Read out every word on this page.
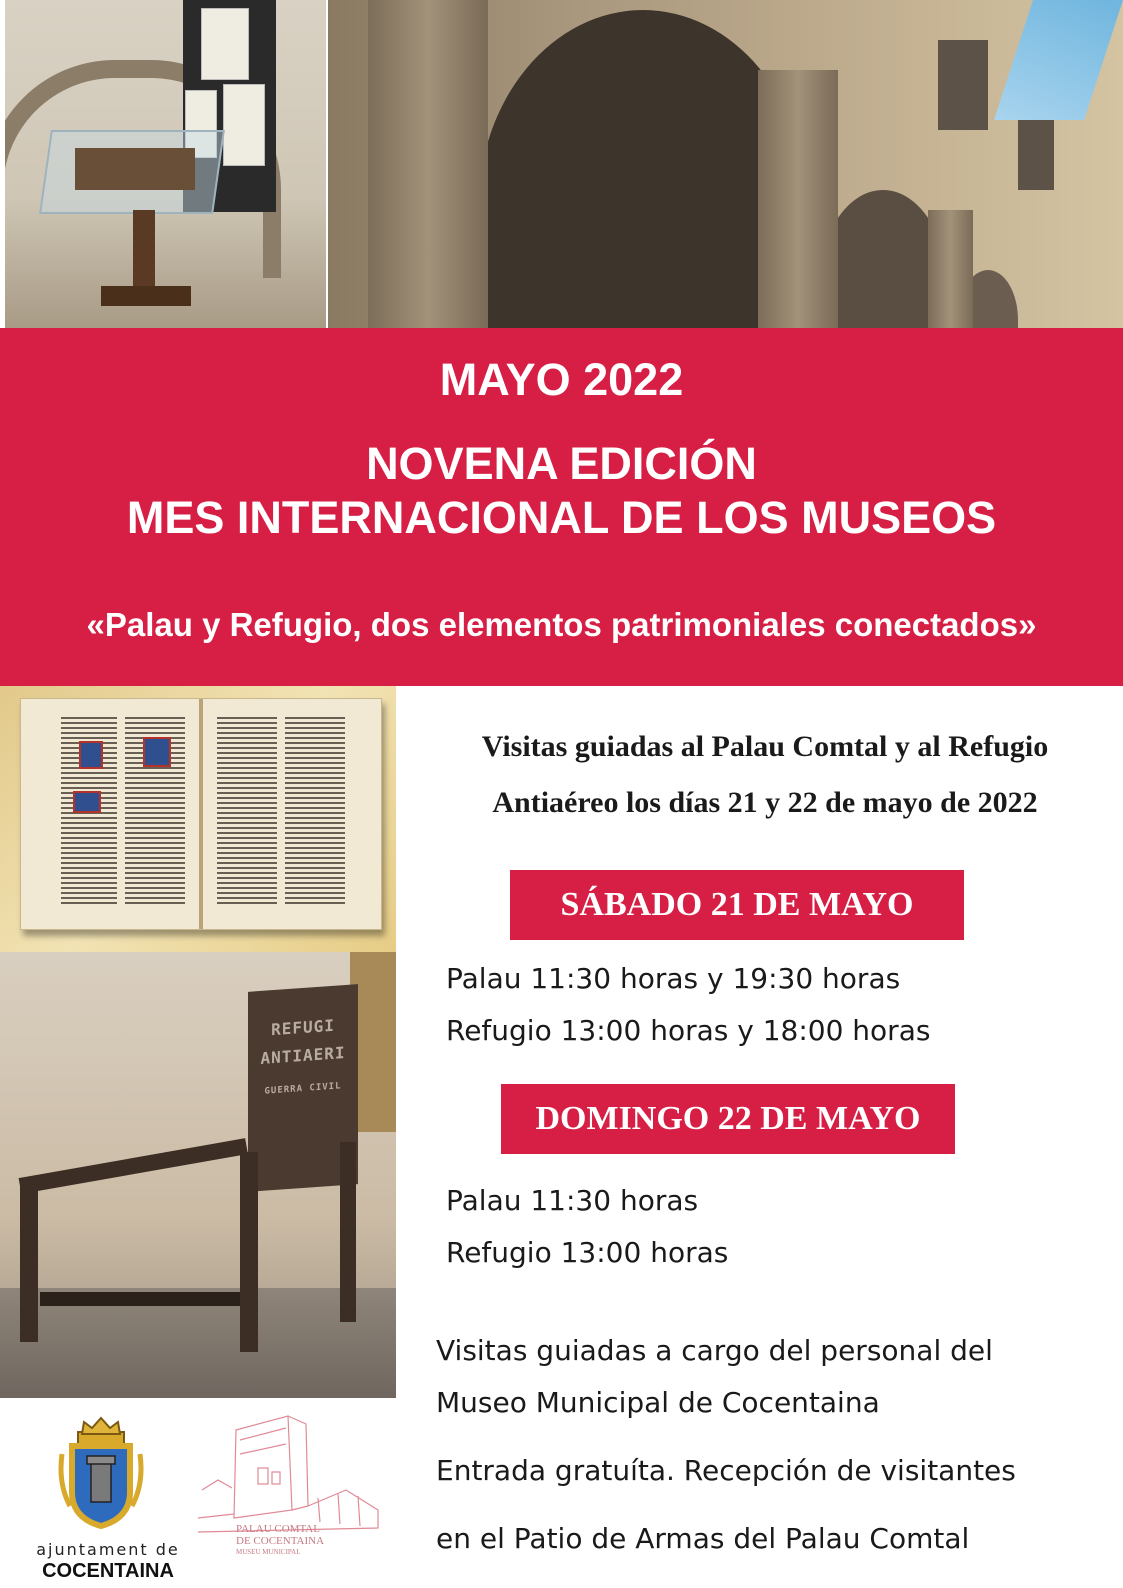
MAYO 2022
NOVENA EDICIÓN
MES INTERNACIONAL DE LOS MUSEOS
«Palau y Refugio, dos elementos patrimoniales conectados»
REFUGI
ANTIAERI
GUERRA CIVIL
ajuntament de
COCENTAINA
PALAU COMTAL
DE COCENTAINA
MUSEU MUNICIPAL
Visitas guiadas al Palau Comtal y al Refugio
Antiaéreo los días 21 y 22 de mayo de 2022
SÁBADO 21 DE MAYO
Palau 11:30 horas y 19:30 horas
Refugio 13:00 horas y 18:00 horas
DOMINGO 22 DE MAYO
Palau 11:30 horas
Refugio 13:00 horas
Visitas guiadas a cargo del personal del
Museo Municipal de Cocentaina
Entrada gratuíta. Recepción de visitantes
en el Patio de Armas del Palau Comtal
